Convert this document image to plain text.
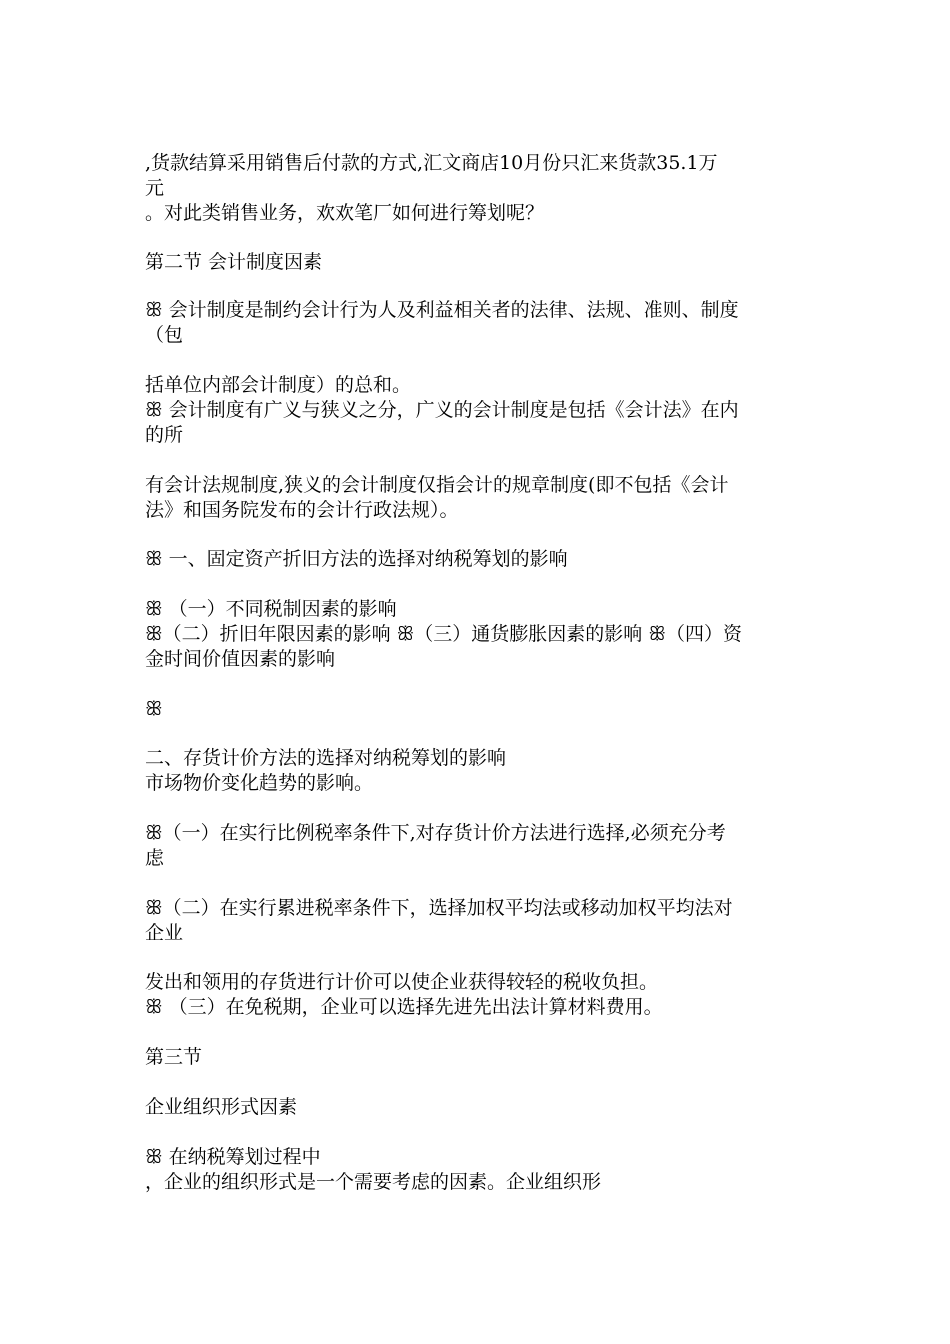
,货款结算采用销售后付款的方式,汇文商店10月份只汇来货款35.1万
元
。对此类销售业务，欢欢笔厂如何进行筹划呢？
第二节 会计制度因素
ꕥ 会计制度是制约会计行为人及利益相关者的法律、法规、准则、制度
（包
括单位内部会计制度）的总和。
ꕥ 会计制度有广义与狭义之分，广义的会计制度是包括《会计法》在内
的所
有会计法规制度,狭义的会计制度仅指会计的规章制度(即不包括《会计
法》和国务院发布的会计行政法规）。
ꕥ 一、固定资产折旧方法的选择对纳税筹划的影响
ꕥ （一）不同税制因素的影响
ꕥ（二）折旧年限因素的影响 ꕥ（三）通货膨胀因素的影响 ꕥ（四）资
金时间价值因素的影响
ꕥ
二、存货计价方法的选择对纳税筹划的影响
市场物价变化趋势的影响。
ꕥ（一）在实行比例税率条件下,对存货计价方法进行选择,必须充分考
虑
ꕥ（二）在实行累进税率条件下，选择加权平均法或移动加权平均法对
企业
发出和领用的存货进行计价可以使企业获得较轻的税收负担。
ꕥ （三）在免税期，企业可以选择先进先出法计算材料费用。
第三节
企业组织形式因素
ꕥ 在纳税筹划过程中
，企业的组织形式是一个需要考虑的因素。企业组织形
